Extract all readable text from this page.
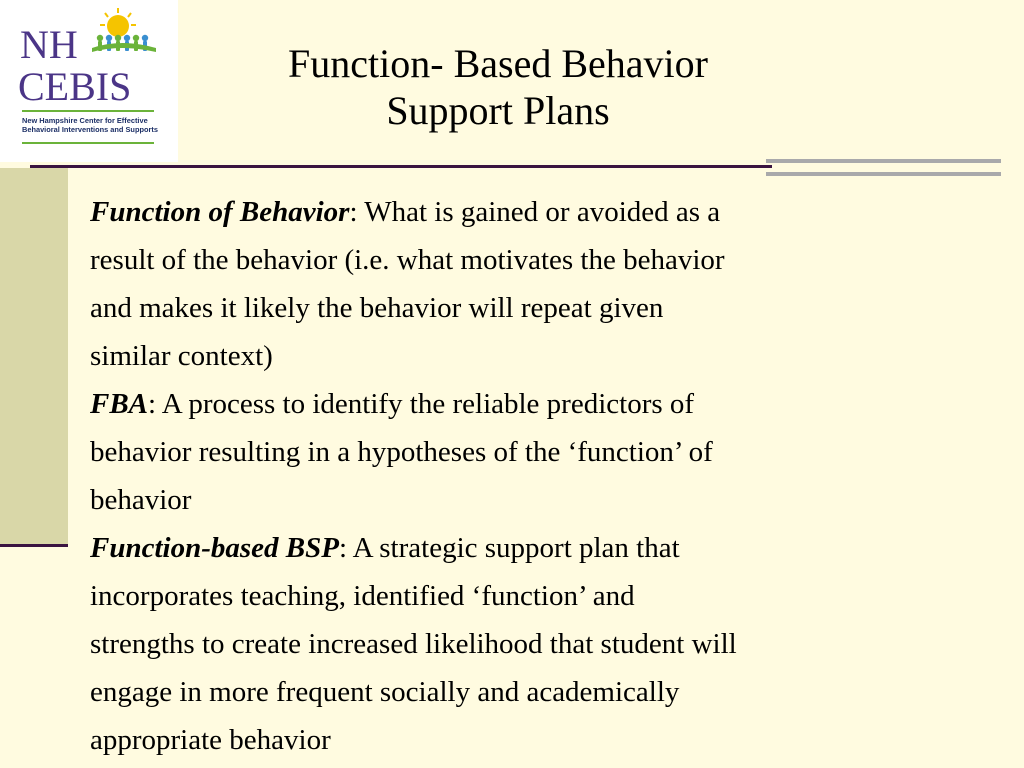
NH
CEBIS
New Hampshire Center for Effective
Behavioral Interventions and Supports
Function- Based Behavior
Support Plans

Function of Behavior: What is gained or avoided as a

result of the behavior (i.e. what motivates the behavior

and makes it likely the behavior will repeat given

similar context)

FBA: A process to identify the reliable predictors of

behavior resulting in a hypotheses of the ‘function’ of

behavior

Function-based BSP: A strategic support plan that

incorporates teaching, identified ‘function’ and

strengths to create increased likelihood that student will

engage in more frequent socially and academically

appropriate behavior
